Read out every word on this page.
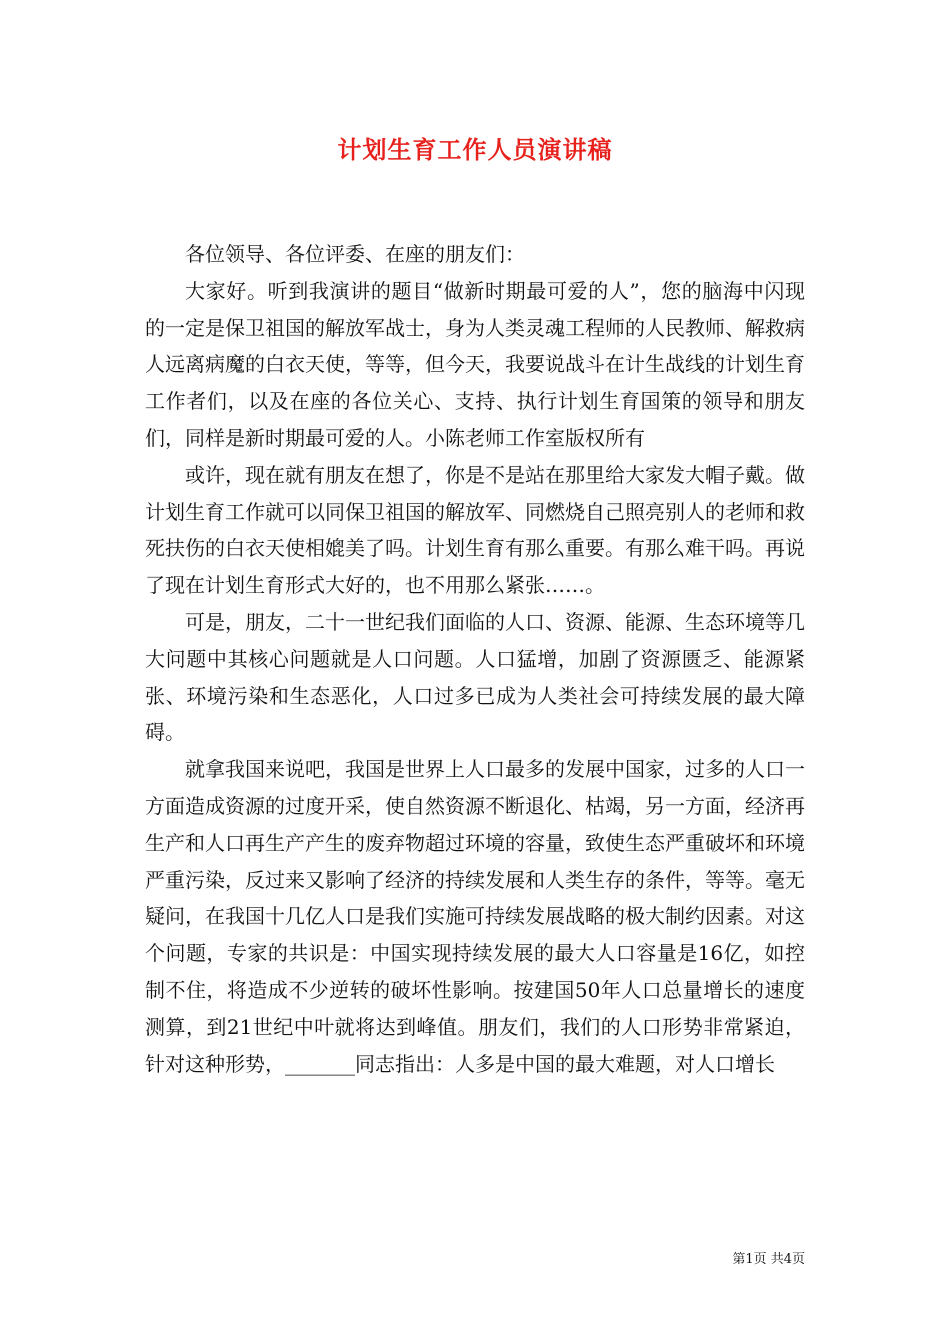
计划生育工作人员演讲稿

各位领导、各位评委、在座的朋友们：

大家好。听到我演讲的题目“做新时期最可爱的人”，您的脑海中闪现的一定是保卫祖国的解放军战士，身为人类灵魂工程师的人民教师、解救病人远离病魔的白衣天使，等等，但今天，我要说战斗在计生战线的计划生育工作者们，以及在座的各位关心、支持、执行计划生育国策的领导和朋友们，同样是新时期最可爱的人。小陈老师工作室版权所有

或许，现在就有朋友在想了，你是不是站在那里给大家发大帽子戴。做计划生育工作就可以同保卫祖国的解放军、同燃烧自己照亮别人的老师和救死扶伤的白衣天使相媲美了吗。计划生育有那么重要。有那么难干吗。再说了现在计划生育形式大好的，也不用那么紧张……。

可是，朋友，二十一世纪我们面临的人口、资源、能源、生态环境等几大问题中其核心问题就是人口问题。人口猛增，加剧了资源匮乏、能源紧张、环境污染和生态恶化，人口过多已成为人类社会可持续发展的最大障碍。

就拿我国来说吧，我国是世界上人口最多的发展中国家，过多的人口一方面造成资源的过度开采，使自然资源不断退化、枯竭，另一方面，经济再生产和人口再生产产生的废弃物超过环境的容量，致使生态严重破坏和环境严重污染，反过来又影响了经济的持续发展和人类生存的条件，等等。毫无疑问，在我国十几亿人口是我们实施可持续发展战略的极大制约因素。对这个问题，专家的共识是：中国实现持续发展的最大人口容量是16亿，如控制不住，将造成不少逆转的破坏性影响。按建国50年人口总量增长的速度测算，到21世纪中叶就将达到峰值。朋友们，我们的人口形势非常紧迫，针对这种形势，_______同志指出：人多是中国的最大难题，对人口增长

第1页 共4页
